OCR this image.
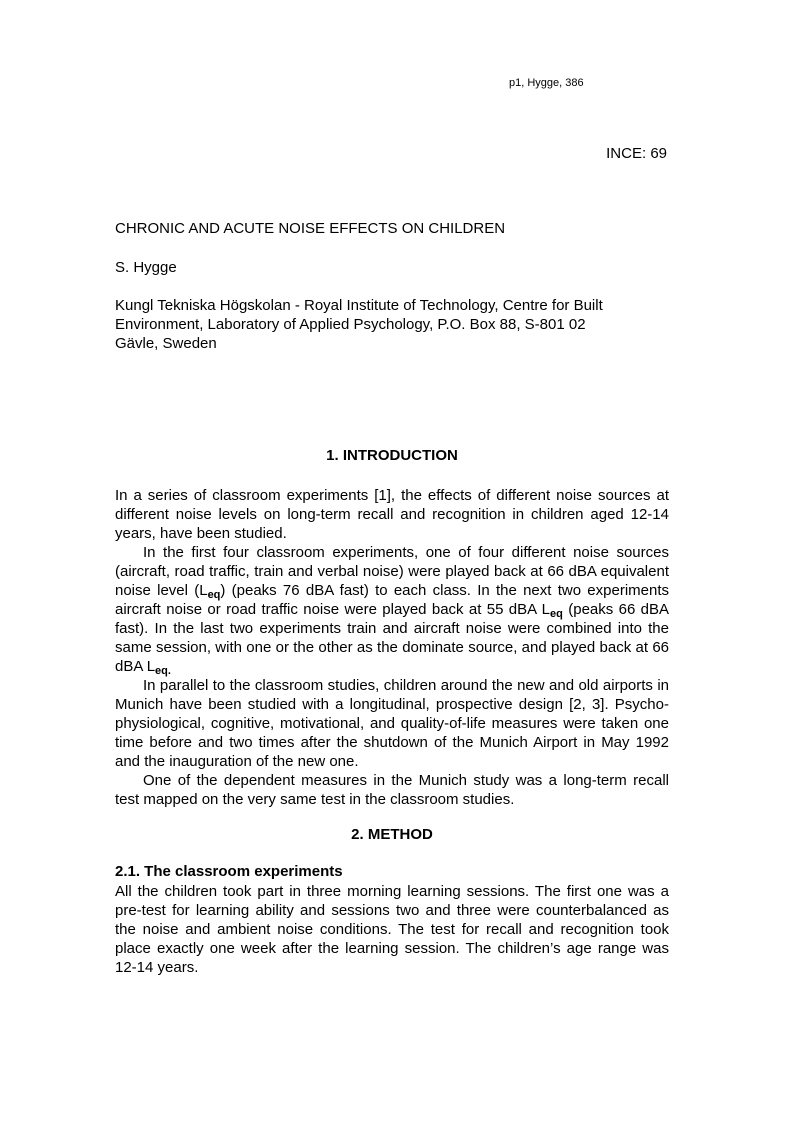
p1, Hygge, 386
INCE: 69
CHRONIC AND ACUTE NOISE EFFECTS ON CHILDREN
S. Hygge
Kungl Tekniska Högskolan - Royal Institute of Technology, Centre for Built
Environment, Laboratory of Applied Psychology, P.O. Box 88, S-801 02
Gävle, Sweden
1. INTRODUCTION

In a series of classroom experiments [1], the effects of different noise sources at different noise levels on long-term recall and recognition in children aged 12-14 years, have been studied.

In the first four classroom experiments, one of four different noise sources (aircraft, road traffic, train and verbal noise) were played back at 66 dBA equivalent noise level $(L_{eq})$ (peaks 76 dBA fast) to each class. In the next two experiments aircraft noise or road traffic noise were played back at 55 dBA $L_{eq}$ (peaks 66 dBA fast). In the last two experiments train and aircraft noise were combined into the same session, with one or the other as the dominate source, and played back at 66 dBA $L_{eq.}$

In parallel to the classroom studies, children around the new and old airports in Munich have been studied with a longitudinal, prospective design [2, 3]. Psycho-physiological, cognitive, motivational, and quality-of-life measures were taken one time before and two times after the shutdown of the Munich Airport in May 1992 and the inauguration of the new one.

One of the dependent measures in the Munich study was a long-term recall test mapped on the very same test in the classroom studies.

2. METHOD
2.1. The classroom experiments

All the children took part in three morning learning sessions. The first one was a pre-test for learning ability and sessions two and three were counterbalanced as the noise and ambient noise conditions. The test for recall and recognition took place exactly one week after the learning session. The children’s age range was 12-14 years.
